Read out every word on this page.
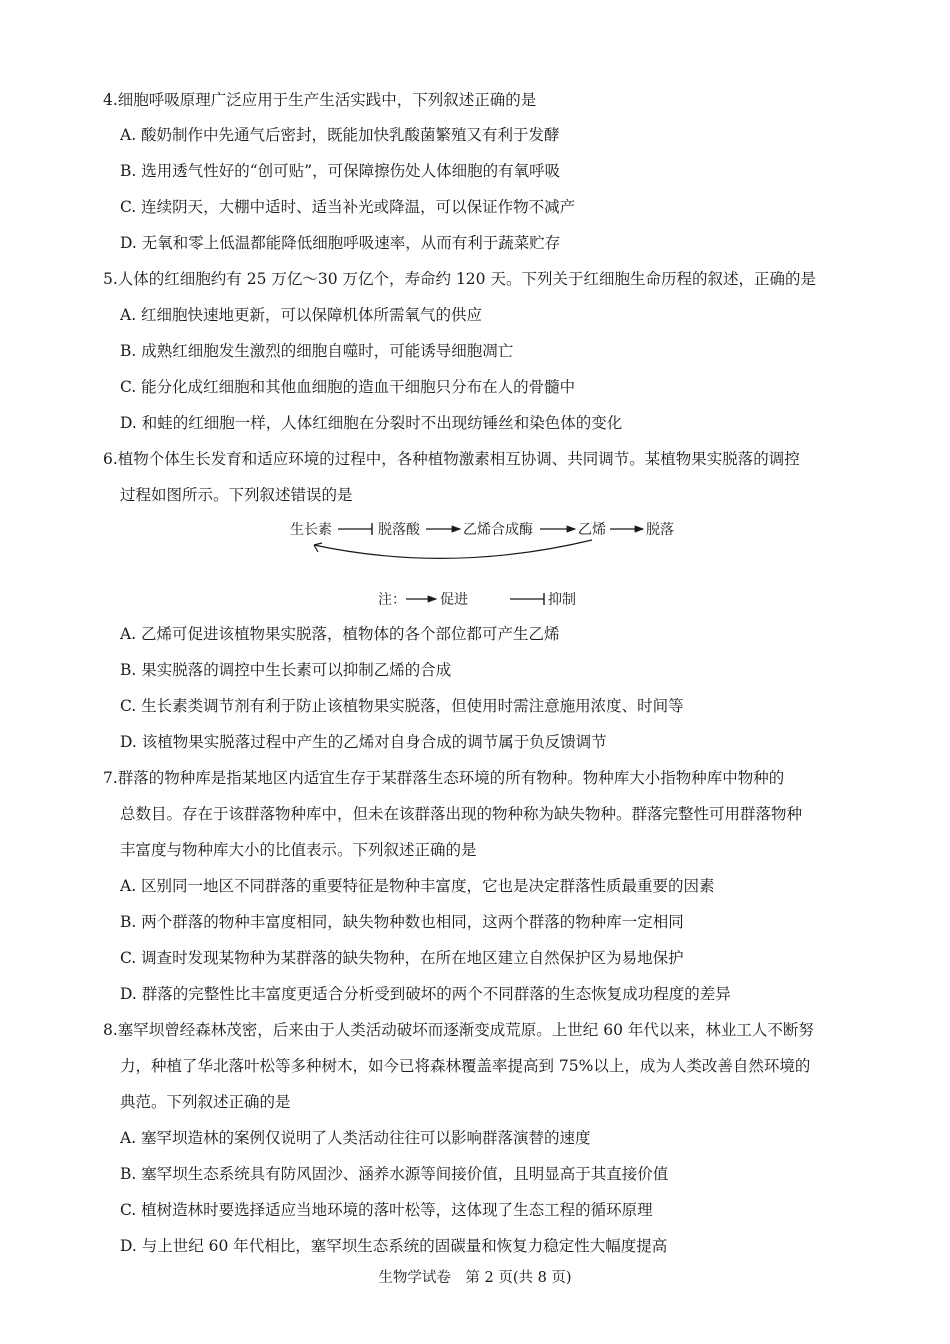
4.细胞呼吸原理广泛应用于生产生活实践中，下列叙述正确的是
A. 酸奶制作中先通气后密封，既能加快乳酸菌繁殖又有利于发酵
B. 选用透气性好的“创可贴”，可保障擦伤处人体细胞的有氧呼吸
C. 连续阴天，大棚中适时、适当补光或降温，可以保证作物不减产
D. 无氧和零上低温都能降低细胞呼吸速率，从而有利于蔬菜贮存
5.人体的红细胞约有 25 万亿～30 万亿个，寿命约 120 天。下列关于红细胞生命历程的叙述，正确的是
A. 红细胞快速地更新，可以保障机体所需氧气的供应
B. 成熟红细胞发生激烈的细胞自噬时，可能诱导细胞凋亡
C. 能分化成红细胞和其他血细胞的造血干细胞只分布在人的骨髓中
D. 和蛙的红细胞一样，人体红细胞在分裂时不出现纺锤丝和染色体的变化
6.植物个体生长发育和适应环境的过程中，各种植物激素相互协调、共同调节。某植物果实脱落的调控
过程如图所示。下列叙述错误的是
生长素	脱落酸	乙烯合成酶	乙烯	脱落
注： 促进	抑制
A. 乙烯可促进该植物果实脱落，植物体的各个部位都可产生乙烯
B. 果实脱落的调控中生长素可以抑制乙烯的合成
C. 生长素类调节剂有利于防止该植物果实脱落，但使用时需注意施用浓度、时间等
D. 该植物果实脱落过程中产生的乙烯对自身合成的调节属于负反馈调节
7.群落的物种库是指某地区内适宜生存于某群落生态环境的所有物种。物种库大小指物种库中物种的
总数目。存在于该群落物种库中，但未在该群落出现的物种称为缺失物种。群落完整性可用群落物种
丰富度与物种库大小的比值表示。下列叙述正确的是
A. 区别同一地区不同群落的重要特征是物种丰富度，它也是决定群落性质最重要的因素
B. 两个群落的物种丰富度相同，缺失物种数也相同，这两个群落的物种库一定相同
C. 调查时发现某物种为某群落的缺失物种，在所在地区建立自然保护区为易地保护
D. 群落的完整性比丰富度更适合分析受到破坏的两个不同群落的生态恢复成功程度的差异
8.塞罕坝曾经森林茂密，后来由于人类活动破坏而逐渐变成荒原。上世纪 60 年代以来，林业工人不断努
力，种植了华北落叶松等多种树木，如今已将森林覆盖率提高到 75%以上，成为人类改善自然环境的
典范。下列叙述正确的是
A. 塞罕坝造林的案例仅说明了人类活动往往可以影响群落演替的速度
B. 塞罕坝生态系统具有防风固沙、涵养水源等间接价值，且明显高于其直接价值
C. 植树造林时要选择适应当地环境的落叶松等，这体现了生态工程的循环原理
D. 与上世纪 60 年代相比，塞罕坝生态系统的固碳量和恢复力稳定性大幅度提高
生物学试卷　第 2 页(共 8 页)
